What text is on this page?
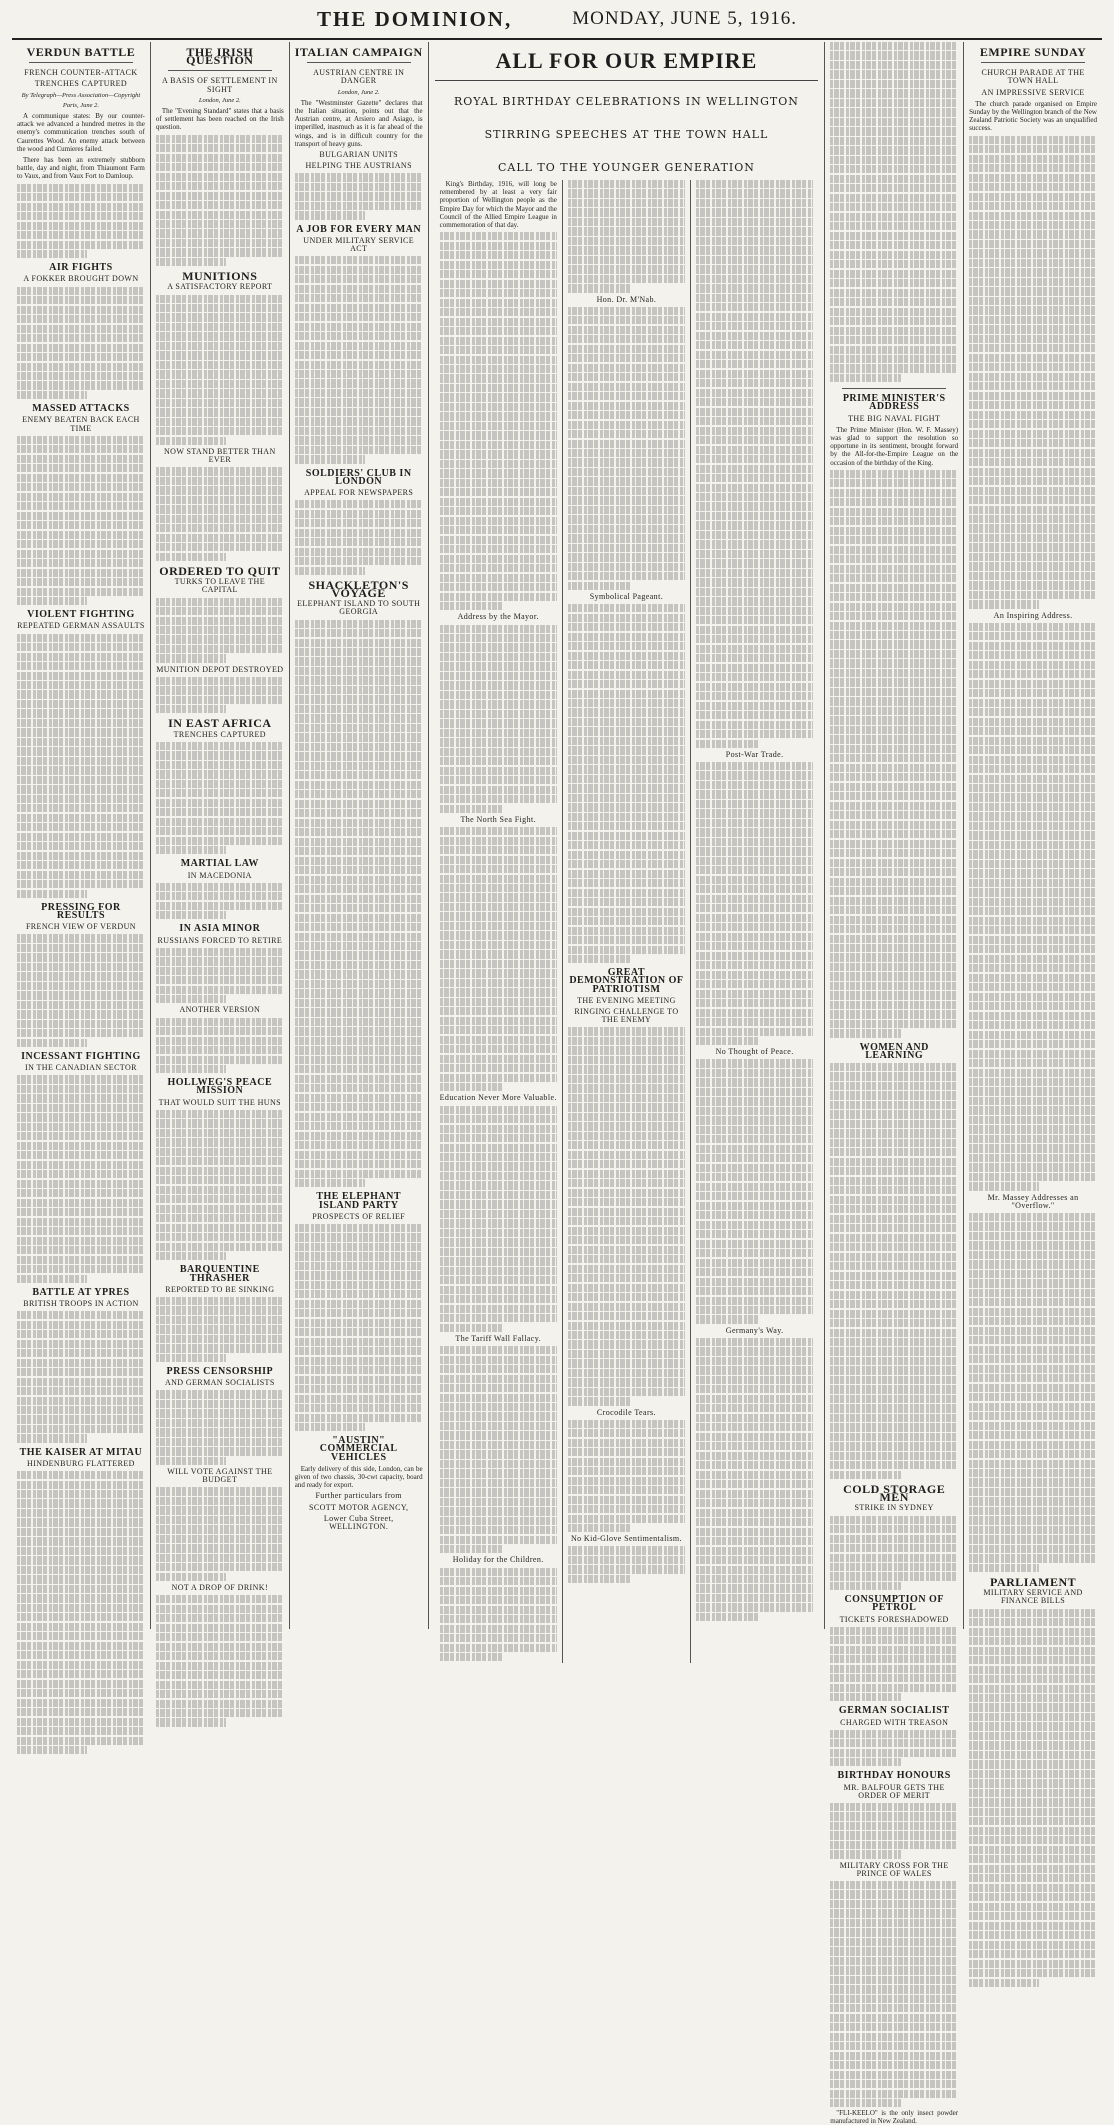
THE DOMINION,	MONDAY, JUNE 5, 1916.
VERDUN BATTLE
FRENCH COUNTER-ATTACK
TRENCHES CAPTURED
By Telegraph—Press Association—Copyright
Paris, June 2.

A communique states: By our counter-attack we advanced a hundred metres in the enemy's communication trenches south of Caurettes Wood. An enemy attack between the wood and Cumieres failed.

There has been an extremely stubborn battle, day and night, from Thiaumont Farm to Vaux, and from Vaux Fort to Damloup.

AIR FIGHTS
A FOKKER BROUGHT DOWN
MASSED ATTACKS
ENEMY BEATEN BACK EACH TIME
VIOLENT FIGHTING
REPEATED GERMAN ASSAULTS
PRESSING FOR RESULTS
FRENCH VIEW OF VERDUN
INCESSANT FIGHTING
IN THE CANADIAN SECTOR
BATTLE AT YPRES
BRITISH TROOPS IN ACTION
THE KAISER AT MITAU
HINDENBURG FLATTERED
THE IRISH QUESTION
A BASIS OF SETTLEMENT IN SIGHT
London, June 2.

The "Evening Standard" states that a basis of settlement has been reached on the Irish question.

MUNITIONS
A SATISFACTORY REPORT
NOW STAND BETTER THAN EVER
ORDERED TO QUIT
TURKS TO LEAVE THE CAPITAL
MUNITION DEPOT DESTROYED
IN EAST AFRICA
TRENCHES CAPTURED
MARTIAL LAW
IN MACEDONIA
IN ASIA MINOR
RUSSIANS FORCED TO RETIRE
ANOTHER VERSION
HOLLWEG'S PEACE MISSION
THAT WOULD SUIT THE HUNS
BARQUENTINE THRASHER
REPORTED TO BE SINKING
PRESS CENSORSHIP
AND GERMAN SOCIALISTS
WILL VOTE AGAINST THE BUDGET
NOT A DROP OF DRINK!
ITALIAN CAMPAIGN
AUSTRIAN CENTRE IN DANGER
London, June 2.

The "Westminster Gazette" declares that the Italian situation, points out that the Austrian centre, at Arsiero and Asiago, is imperilled, inasmuch as it is far ahead of the wings, and is in difficult country for the transport of heavy guns.

BULGARIAN UNITS
HELPING THE AUSTRIANS
A JOB FOR EVERY MAN
UNDER MILITARY SERVICE ACT
SOLDIERS' CLUB IN LONDON
APPEAL FOR NEWSPAPERS
SHACKLETON'S VOYAGE
ELEPHANT ISLAND TO SOUTH GEORGIA
THE ELEPHANT ISLAND PARTY
PROSPECTS OF RELIEF
"AUSTIN" COMMERCIAL VEHICLES

Early delivery of this side, London, can be given of two chassis, 30-cwt capacity, board and ready for export.

Further particulars from
SCOTT MOTOR AGENCY,
Lower Cuba Street, WELLINGTON.
ALL FOR OUR EMPIRE
ROYAL BIRTHDAY CELEBRATIONS IN WELLINGTON
STIRRING SPEECHES AT THE TOWN HALL
CALL TO THE YOUNGER GENERATION

King's Birthday, 1916, will long be remembered by at least a very fair proportion of Wellington people as the Empire Day for which the Mayor and the Council of the Allied Empire League in commemoration of that day.

Address by the Mayor.
The North Sea Fight.
Education Never More Valuable.
The Tariff Wall Fallacy.
Holiday for the Children.
Hon. Dr. M'Nab.
Symbolical Pageant.
GREAT DEMONSTRATION OF PATRIOTISM
THE EVENING MEETING
RINGING CHALLENGE TO THE ENEMY
Crocodile Tears.
No Kid-Glove Sentimentalism.
Post-War Trade.
No Thought of Peace.
Germany's Way.
PRIME MINISTER'S ADDRESS
THE BIG NAVAL FIGHT

The Prime Minister (Hon. W. F. Massey) was glad to support the resolution so opportune in its sentiment, brought forward by the All-for-the-Empire League on the occasion of the birthday of the King.

WOMEN AND LEARNING
COLD STORAGE MEN
STRIKE IN SYDNEY
CONSUMPTION OF PETROL
TICKETS FORESHADOWED
GERMAN SOCIALIST
CHARGED WITH TREASON
BIRTHDAY HONOURS
MR. BALFOUR GETS THE ORDER OF MERIT
MILITARY CROSS FOR THE PRINCE OF WALES

"FLI-KEELO" is the only insect powder manufactured in New Zealand.

EMPIRE SUNDAY
CHURCH PARADE AT THE TOWN HALL
AN IMPRESSIVE SERVICE

The church parade organised on Empire Sunday by the Wellington branch of the New Zealand Patriotic Society was an unqualified success.

An Inspiring Address.
Mr. Massey Addresses an "Overflow."
PARLIAMENT
MILITARY SERVICE AND FINANCE BILLS
